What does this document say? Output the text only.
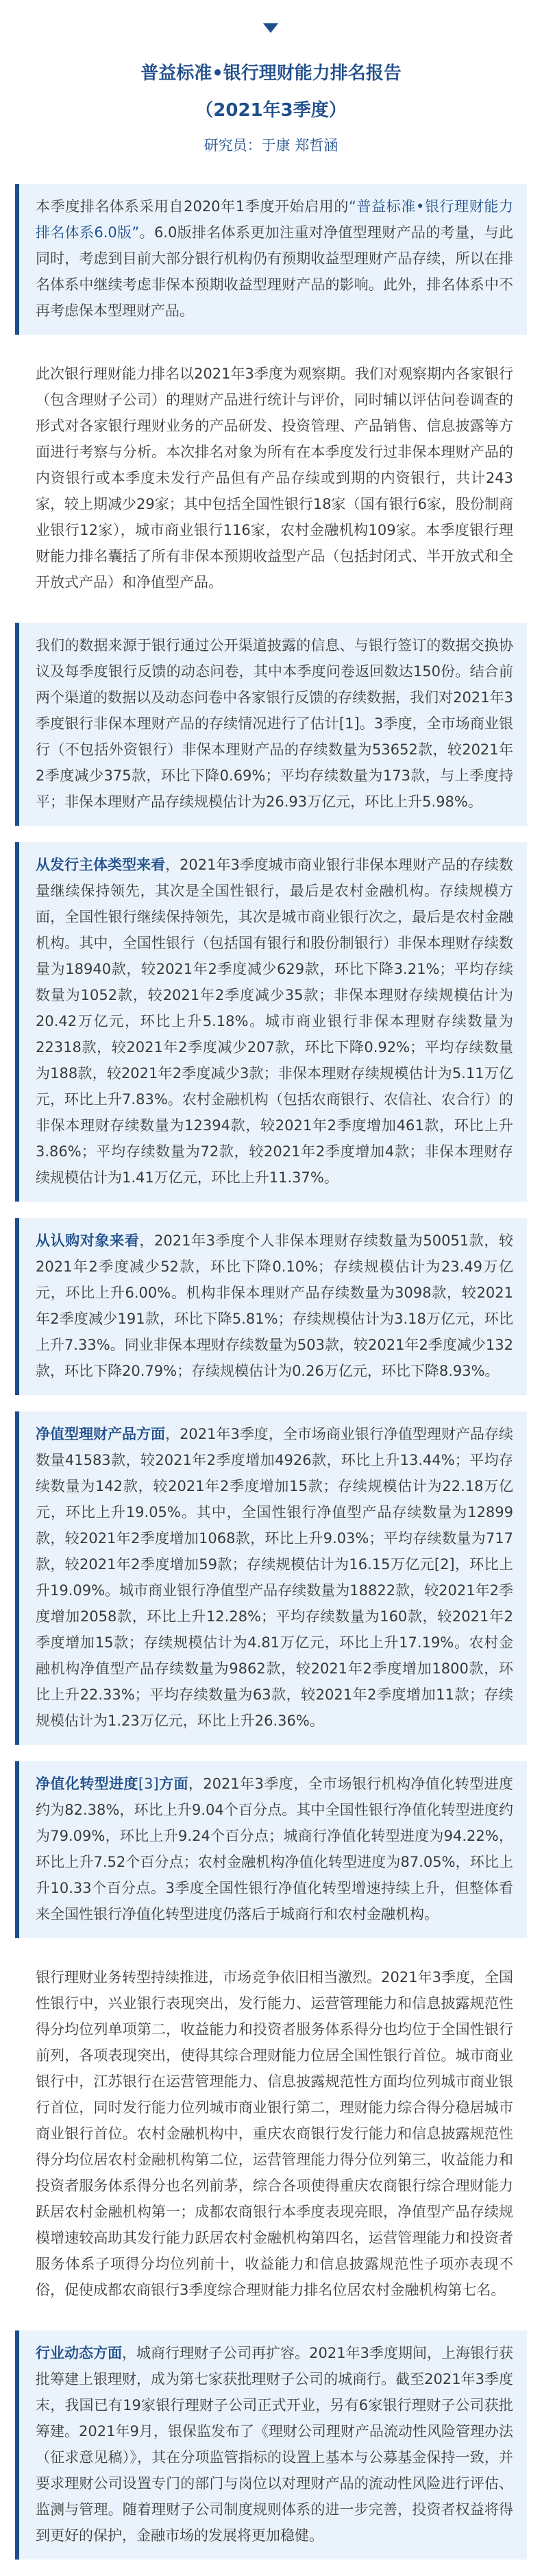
普益标准•银行理财能力排名报告
（2021年3季度）
研究员：于康 郑哲涵
本季度排名体系采用自2020年1季度开始启用的“普益标准•银行理财能力排名体系6.0版”。6.0版排名体系更加注重对净值型理财产品的考量，与此同时，考虑到目前大部分银行机构仍有预期收益型理财产品存续，所以在排名体系中继续考虑非保本预期收益型理财产品的影响。此外，排名体系中不再考虑保本型理财产品。
此次银行理财能力排名以2021年3季度为观察期。我们对观察期内各家银行（包含理财子公司）的理财产品进行统计与评价，同时辅以评估问卷调查的形式对各家银行理财业务的产品研发、投资管理、产品销售、信息披露等方面进行考察与分析。本次排名对象为所有在本季度发行过非保本理财产品的内资银行或本季度未发行产品但有产品存续或到期的内资银行，共计243家，较上期减少29家；其中包括全国性银行18家（国有银行6家，股份制商业银行12家），城市商业银行116家，农村金融机构109家。本季度银行理财能力排名囊括了所有非保本预期收益型产品（包括封闭式、半开放式和全开放式产品）和净值型产品。
我们的数据来源于银行通过公开渠道披露的信息、与银行签订的数据交换协议及每季度银行反馈的动态问卷，其中本季度问卷返回数达150份。结合前两个渠道的数据以及动态问卷中各家银行反馈的存续数据，我们对2021年3季度银行非保本理财产品的存续情况进行了估计[1]。3季度，全市场商业银行（不包括外资银行）非保本理财产品的存续数量为53652款，较2021年2季度减少375款，环比下降0.69%；平均存续数量为173款，与上季度持平；非保本理财产品存续规模估计为26.93万亿元，环比上升5.98%。
从发行主体类型来看，2021年3季度城市商业银行非保本理财产品的存续数量继续保持领先，其次是全国性银行，最后是农村金融机构。存续规模方面，全国性银行继续保持领先，其次是城市商业银行次之，最后是农村金融机构。其中，全国性银行（包括国有银行和股份制银行）非保本理财存续数量为18940款，较2021年2季度减少629款，环比下降3.21%；平均存续数量为1052款，较2021年2季度减少35款；非保本理财存续规模估计为20.42万亿元，环比上升5.18%。城市商业银行非保本理财存续数量为22318款，较2021年2季度减少207款，环比下降0.92%；平均存续数量为188款，较2021年2季度减少3款；非保本理财存续规模估计为5.11万亿元，环比上升7.83%。农村金融机构（包括农商银行、农信社、农合行）的非保本理财存续数量为12394款，较2021年2季度增加461款，环比上升3.86%；平均存续数量为72款，较2021年2季度增加4款；非保本理财存续规模估计为1.41万亿元，环比上升11.37%。
从认购对象来看，2021年3季度个人非保本理财存续数量为50051款，较2021年2季度减少52款，环比下降0.10%；存续规模估计为23.49万亿元，环比上升6.00%。机构非保本理财产品存续数量为3098款，较2021年2季度减少191款，环比下降5.81%；存续规模估计为3.18万亿元，环比上升7.33%。同业非保本理财存续数量为503款，较2021年2季度减少132款，环比下降20.79%；存续规模估计为0.26万亿元，环比下降8.93%。
净值型理财产品方面，2021年3季度，全市场商业银行净值型理财产品存续数量41583款，较2021年2季度增加4926款，环比上升13.44%；平均存续数量为142款，较2021年2季度增加15款；存续规模估计为22.18万亿元，环比上升19.05%。其中，全国性银行净值型产品存续数量为12899款，较2021年2季度增加1068款，环比上升9.03%；平均存续数量为717款，较2021年2季度增加59款；存续规模估计为16.15万亿元[2]，环比上升19.09%。城市商业银行净值型产品存续数量为18822款，较2021年2季度增加2058款，环比上升12.28%；平均存续数量为160款，较2021年2季度增加15款；存续规模估计为4.81万亿元，环比上升17.19%。农村金融机构净值型产品存续数量为9862款，较2021年2季度增加1800款，环比上升22.33%；平均存续数量为63款，较2021年2季度增加11款；存续规模估计为1.23万亿元，环比上升26.36%。
净值化转型进度[3]方面，2021年3季度，全市场银行机构净值化转型进度约为82.38%，环比上升9.04个百分点。其中全国性银行净值化转型进度约为79.09%，环比上升9.24个百分点；城商行净值化转型进度为94.22%，环比上升7.52个百分点；农村金融机构净值化转型进度为87.05%，环比上升10.33个百分点。3季度全国性银行净值化转型增速持续上升，但整体看来全国性银行净值化转型进度仍落后于城商行和农村金融机构。
银行理财业务转型持续推进，市场竞争依旧相当激烈。2021年3季度，全国性银行中，兴业银行表现突出，发行能力、运营管理能力和信息披露规范性得分均位列单项第二，收益能力和投资者服务体系得分也均位于全国性银行前列，各项表现突出，使得其综合理财能力位居全国性银行首位。城市商业银行中，江苏银行在运营管理能力、信息披露规范性方面均位列城市商业银行首位，同时发行能力位列城市商业银行第二，理财能力综合得分稳居城市商业银行首位。农村金融机构中，重庆农商银行发行能力和信息披露规范性得分均位居农村金融机构第二位，运营管理能力得分位列第三，收益能力和投资者服务体系得分也名列前茅，综合各项使得重庆农商银行综合理财能力跃居农村金融机构第一；成都农商银行本季度表现亮眼，净值型产品存续规模增速较高助其发行能力跃居农村金融机构第四名，运营管理能力和投资者服务体系子项得分均位列前十，收益能力和信息披露规范性子项亦表现不俗，促使成都农商银行3季度综合理财能力排名位居农村金融机构第七名。
行业动态方面，城商行理财子公司再扩容。2021年3季度期间，上海银行获批筹建上银理财，成为第七家获批理财子公司的城商行。截至2021年3季度末，我国已有19家银行理财子公司正式开业，另有6家银行理财子公司获批筹建。2021年9月，银保监发布了《理财公司理财产品流动性风险管理办法（征求意见稿）》，其在分项监管指标的设置上基本与公募基金保持一致，并要求理财公司设置专门的部门与岗位以对理财产品的流动性风险进行评估、监测与管理。随着理财子公司制度规则体系的进一步完善，投资者权益将得到更好的保护，金融市场的发展将更加稳健。
